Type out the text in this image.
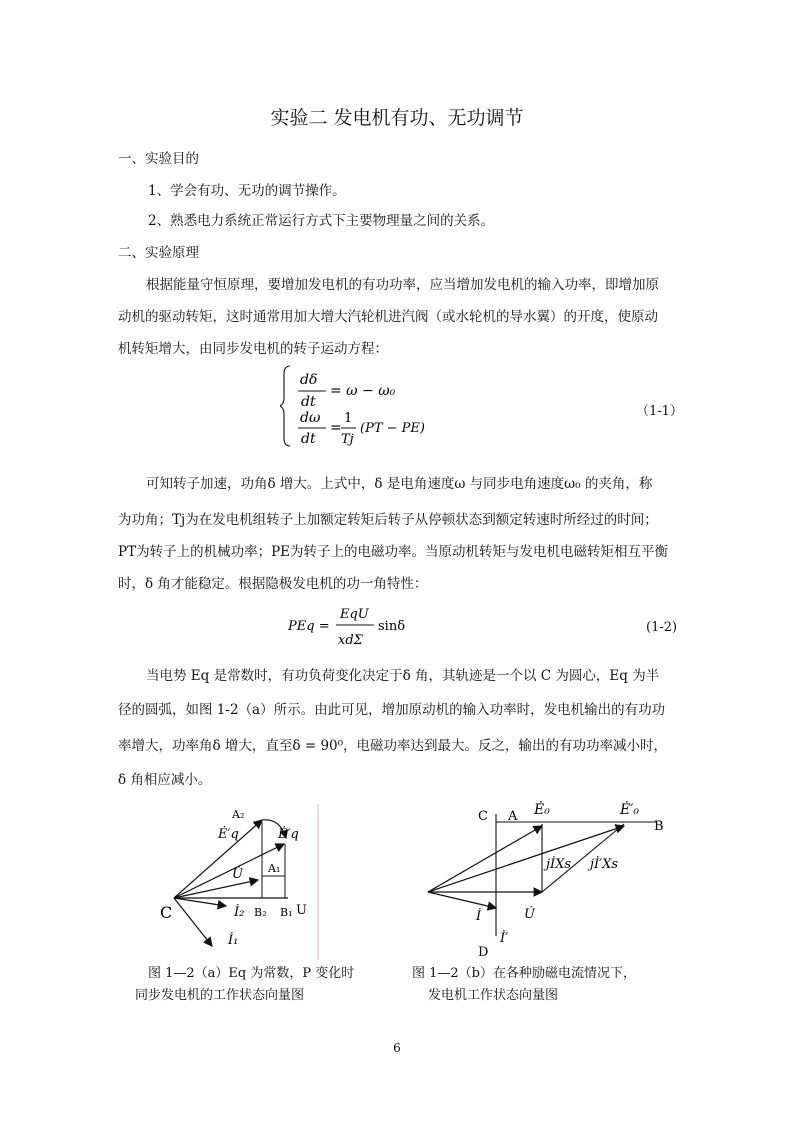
实验二 发电机有功、无功调节
一、实验目的
1、学会有功、无功的调节操作。
2、熟悉电力系统正常运行方式下主要物理量之间的关系。
二、实验原理
根据能量守恒原理，要增加发电机的有功功率，应当增加发电机的输入功率，即增加原
动机的驱动转矩，这时通常用加大增大汽轮机进汽阀（或水轮机的导水翼）的开度，使原动
机转矩增大，由同步发电机的转子运动方程：
dδ
dt
= ω − ω₀
dω
dt
=
1
Tj
(PT − PE)
（1-1）
可知转子加速，功角δ 增大。上式中，δ 是电角速度ω 与同步电角速度ω₀ 的夹角，称
为功角；Tj为在发电机组转子上加额定转矩后转子从停顿状态到额定转速时所经过的时间；
PT为转子上的机械功率；PE为转子上的电磁功率。当原动机转矩与发电机电磁转矩相互平衡
时，δ 角才能稳定。根据隐极发电机的功一角特性：
PEq =
EqU
xdΣ
sinδ	(1-2)
当电势 Eq 是常数时，有功负荷变化决定于δ 角，其轨迹是一个以 C 为圆心，Eq 为半
径的圆弧，如图 1-2（a）所示。由此可见，增加原动机的输入功率时，发电机输出的有功功
率增大，功率角δ 增大，直至δ = 90⁰，电磁功率达到最大。反之，输出的有功功率减小时，
δ 角相应减小。
A₂
Ė′q	Ė′q
U̇ A₁
C	İ₂ B₂ B₁ U
İ₁
图 1—2（a）Eq 为常数，P 变化时
同步发电机的工作状态向量图
C A Ė₀	Ė′₀
B
jİXs jİ′Xs
İ	U̇
D
İ′
图 1—2（b）在各种励磁电流情况下，
发电机工作状态向量图
6
